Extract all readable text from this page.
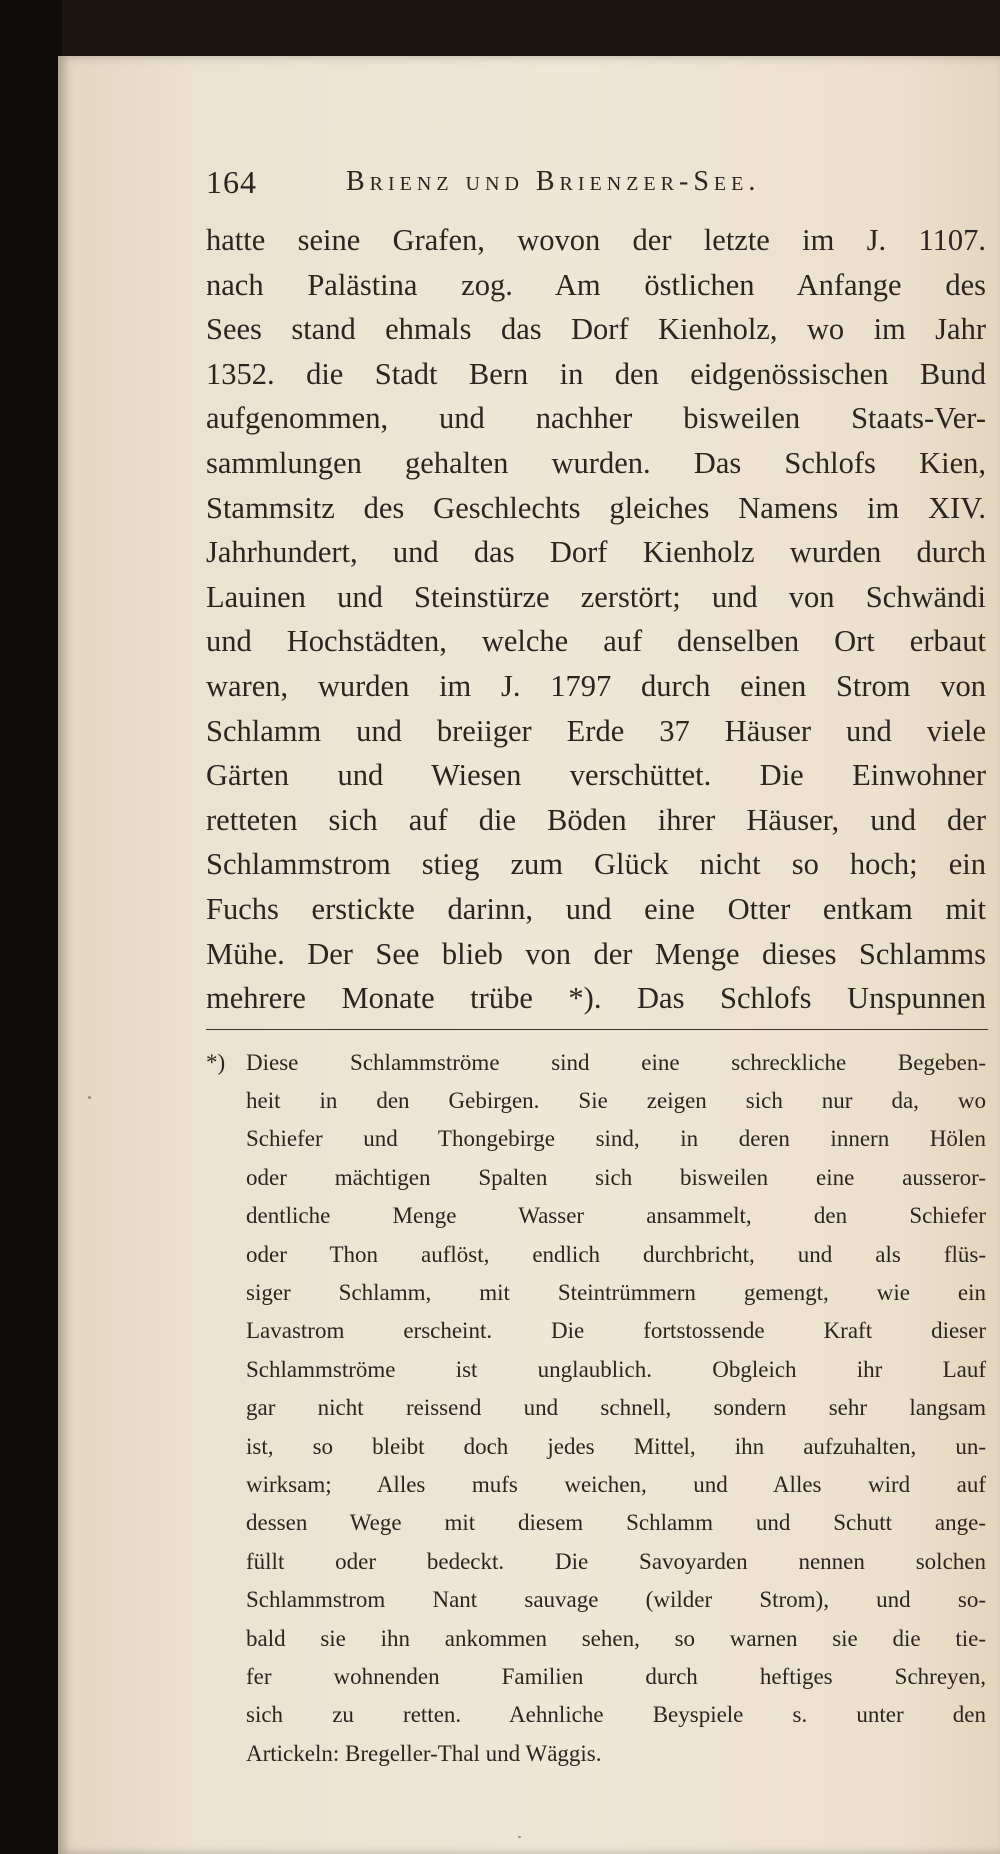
164	Brienz und Brienzer-See.
hatte seine Grafen, wovon der letzte im J. 1107.
nach Palästina zog. Am östlichen Anfange des
Sees stand ehmals das Dorf Kienholz, wo im Jahr
1352. die Stadt Bern in den eidgenössischen Bund
aufgenommen, und nachher bisweilen Staats-Ver-
sammlungen gehalten wurden. Das Schlofs Kien,
Stammsitz des Geschlechts gleiches Namens im XIV.
Jahrhundert, und das Dorf Kienholz wurden durch
Lauinen und Steinstürze zerstört; und von Schwändi
und Hochstädten, welche auf denselben Ort erbaut
waren, wurden im J. 1797 durch einen Strom von
Schlamm und breiiger Erde 37 Häuser und viele
Gärten und Wiesen verschüttet. Die Einwohner
retteten sich auf die Böden ihrer Häuser, und der
Schlammstrom stieg zum Glück nicht so hoch; ein
Fuchs erstickte darinn, und eine Otter entkam mit
Mühe. Der See blieb von der Menge dieses Schlamms
mehrere Monate trübe *). Das Schlofs Unspunnen
*) Diese Schlammströme sind eine schreckliche Begeben-
heit in den Gebirgen. Sie zeigen sich nur da, wo
Schiefer und Thongebirge sind, in deren innern Hölen
oder mächtigen Spalten sich bisweilen eine ausseror-
dentliche Menge Wasser ansammelt, den Schiefer
oder Thon auflöst, endlich durchbricht, und als flüs-
siger Schlamm, mit Steintrümmern gemengt, wie ein
Lavastrom erscheint. Die fortstossende Kraft dieser
Schlammströme ist unglaublich. Obgleich ihr Lauf
gar nicht reissend und schnell, sondern sehr langsam
ist, so bleibt doch jedes Mittel, ihn aufzuhalten, un-
wirksam; Alles mufs weichen, und Alles wird auf
dessen Wege mit diesem Schlamm und Schutt ange-
füllt oder bedeckt. Die Savoyarden nennen solchen
Schlammstrom Nant sauvage (wilder Strom), und so-
bald sie ihn ankommen sehen, so warnen sie die tie-
fer wohnenden Familien durch heftiges Schreyen,
sich zu retten. Aehnliche Beyspiele s. unter den
Artickeln: Bregeller-Thal und Wäggis.
